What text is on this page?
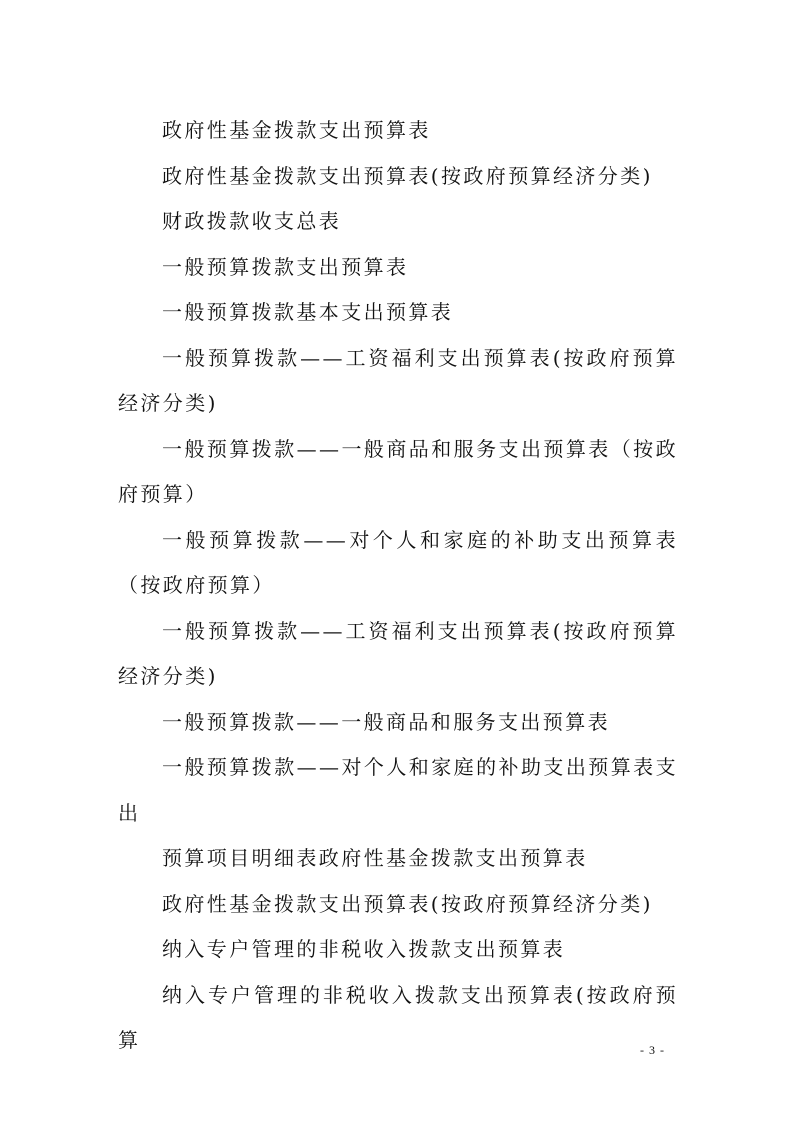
政府性基金拨款支出预算表

政府性基金拨款支出预算表(按政府预算经济分类)

财政拨款收支总表

一般预算拨款支出预算表

一般预算拨款基本支出预算表

一般预算拨款——工资福利支出预算表(按政府预算经济分类)

一般预算拨款——一般商品和服务支出预算表（按政府预算）

一般预算拨款——对个人和家庭的补助支出预算表（按政府预算）

一般预算拨款——工资福利支出预算表(按政府预算经济分类)

一般预算拨款——一般商品和服务支出预算表

一般预算拨款——对个人和家庭的补助支出预算表支出

预算项目明细表政府性基金拨款支出预算表

政府性基金拨款支出预算表(按政府预算经济分类)

纳入专户管理的非税收入拨款支出预算表

纳入专户管理的非税收入拨款支出预算表(按政府预算	- 3 -
